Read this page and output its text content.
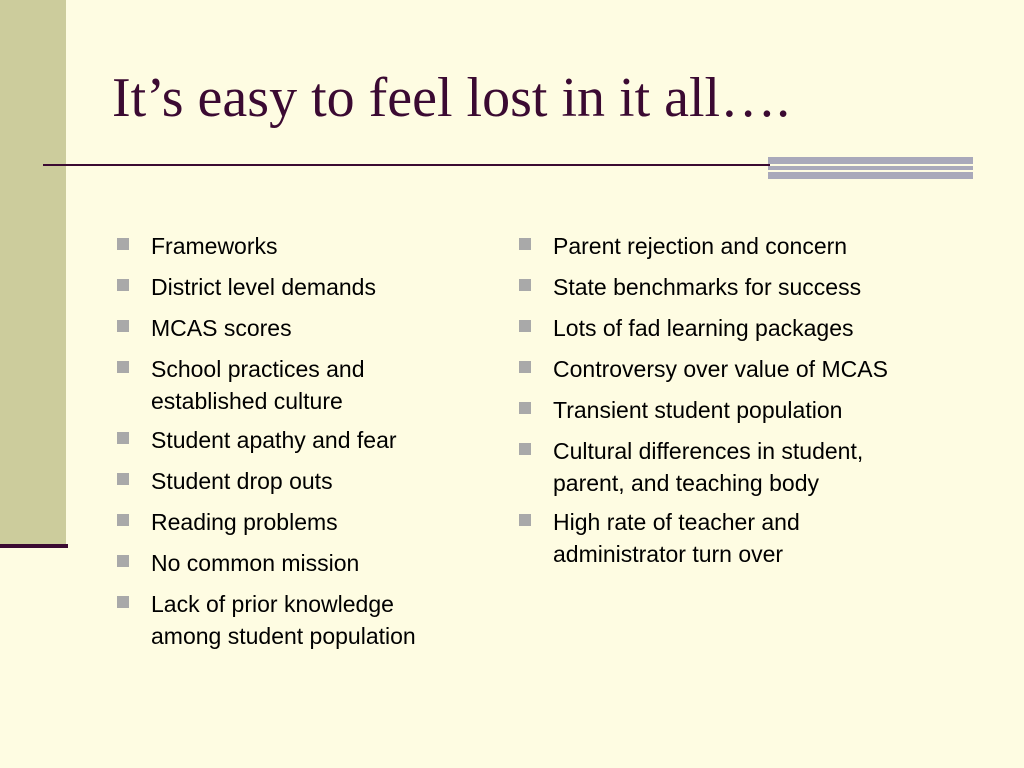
It’s easy to feel lost in it all….
Frameworks
District level demands
MCAS scores
School practices and
established culture
Student apathy and fear
Student drop outs
Reading problems
No common mission
Lack of prior knowledge
among student population
Parent rejection and concern
State benchmarks for success
Lots of fad learning packages
Controversy over value of MCAS
Transient student population
Cultural differences in student,
parent, and teaching body
High rate of teacher and
administrator turn over
